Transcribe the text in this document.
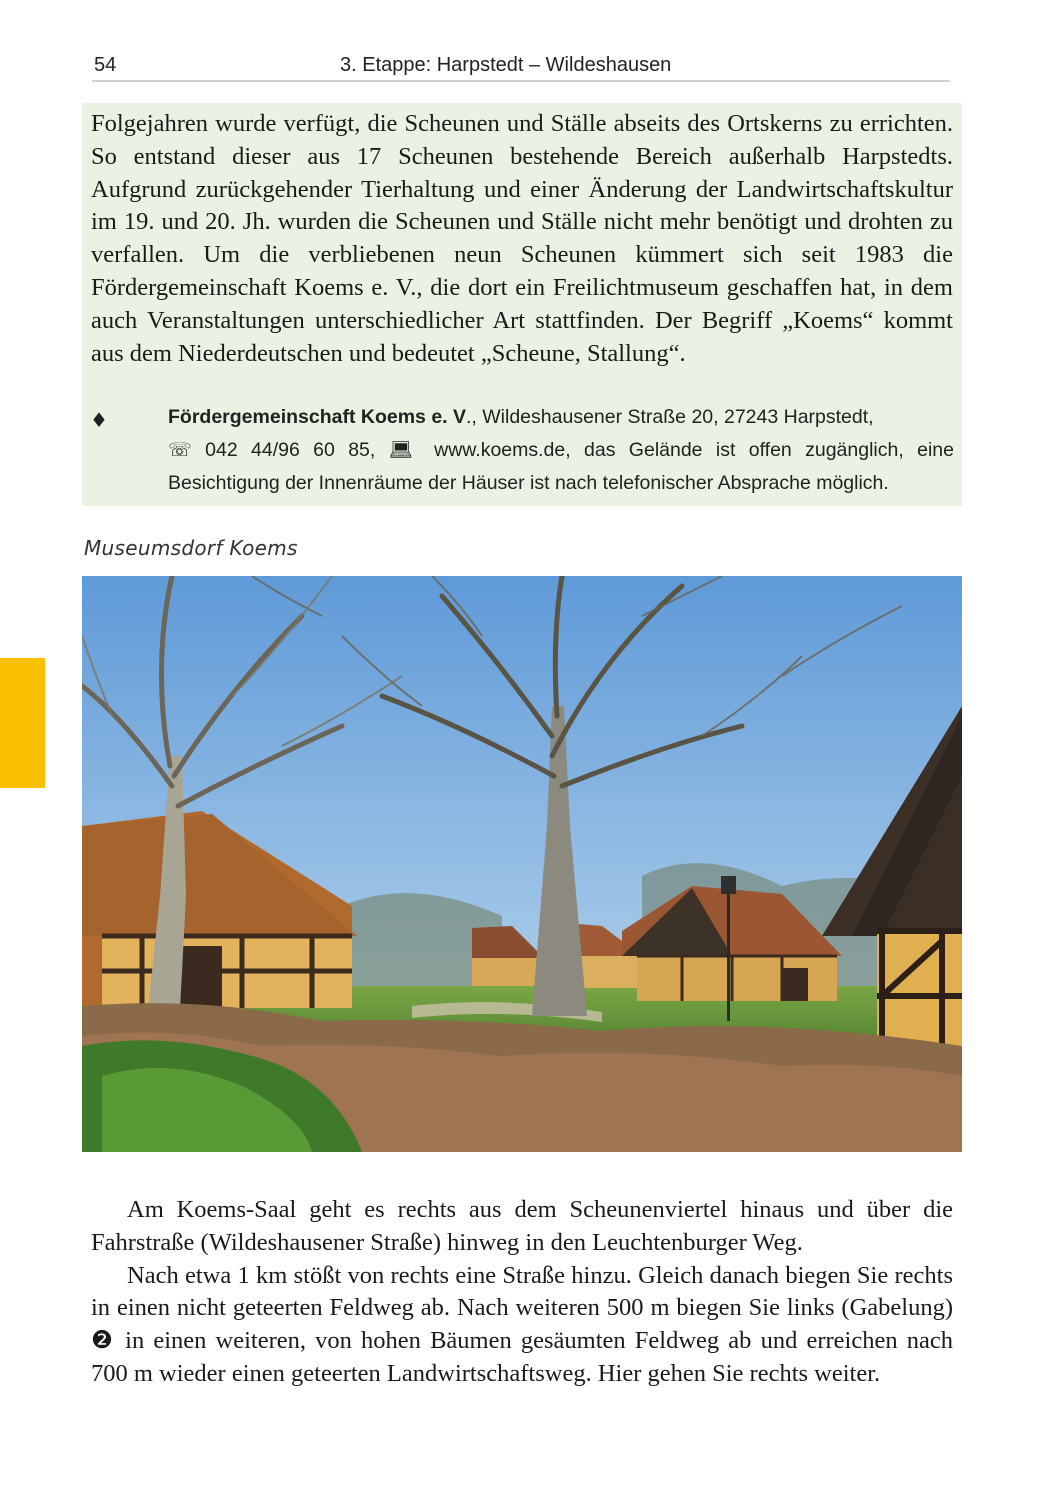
54	3. Etappe: Harpstedt – Wildeshausen

Folgejahren wurde verfügt, die Scheunen und Ställe abseits des Ortskerns zu errichten. So entstand dieser aus 17 Scheunen bestehende Bereich außerhalb Harpstedts. Aufgrund zurückgehender Tierhaltung und einer Änderung der Landwirtschaftskultur im 19. und 20. Jh. wurden die Scheunen und Ställe nicht mehr benötigt und drohten zu verfallen. Um die verbliebenen neun Scheunen kümmert sich seit 1983 die Fördergemeinschaft Koems e. V., die dort ein Freilichtmuseum geschaffen hat, in dem auch Veranstaltungen unterschiedlicher Art stattfinden. Der Begriff „Koems“ kommt aus dem Niederdeutschen und bedeutet „Scheune, Stallung“.

♦	Fördergemeinschaft Koems e. V., Wildeshausener Straße 20, 27243 Harpstedt,
☏ 042 44/96 60 85, 💻︎ www.koems.de, das Gelände ist offen zugänglich, eine Besichtigung der Innenräume der Häuser ist nach telefonischer Absprache möglich.

Museumsdorf Koems

Am Koems-Saal geht es rechts aus dem Scheunenviertel hinaus und über die Fahrstraße (Wildeshausener Straße) hinweg in den Leuchtenburger Weg.

Nach etwa 1 km stößt von rechts eine Straße hinzu. Gleich danach biegen Sie rechts in einen nicht geteerten Feldweg ab. Nach weiteren 500 m biegen Sie links (Gabelung) ❷ in einen weiteren, von hohen Bäumen gesäumten Feldweg ab und erreichen nach 700 m wieder einen geteerten Landwirtschaftsweg. Hier gehen Sie rechts weiter.
